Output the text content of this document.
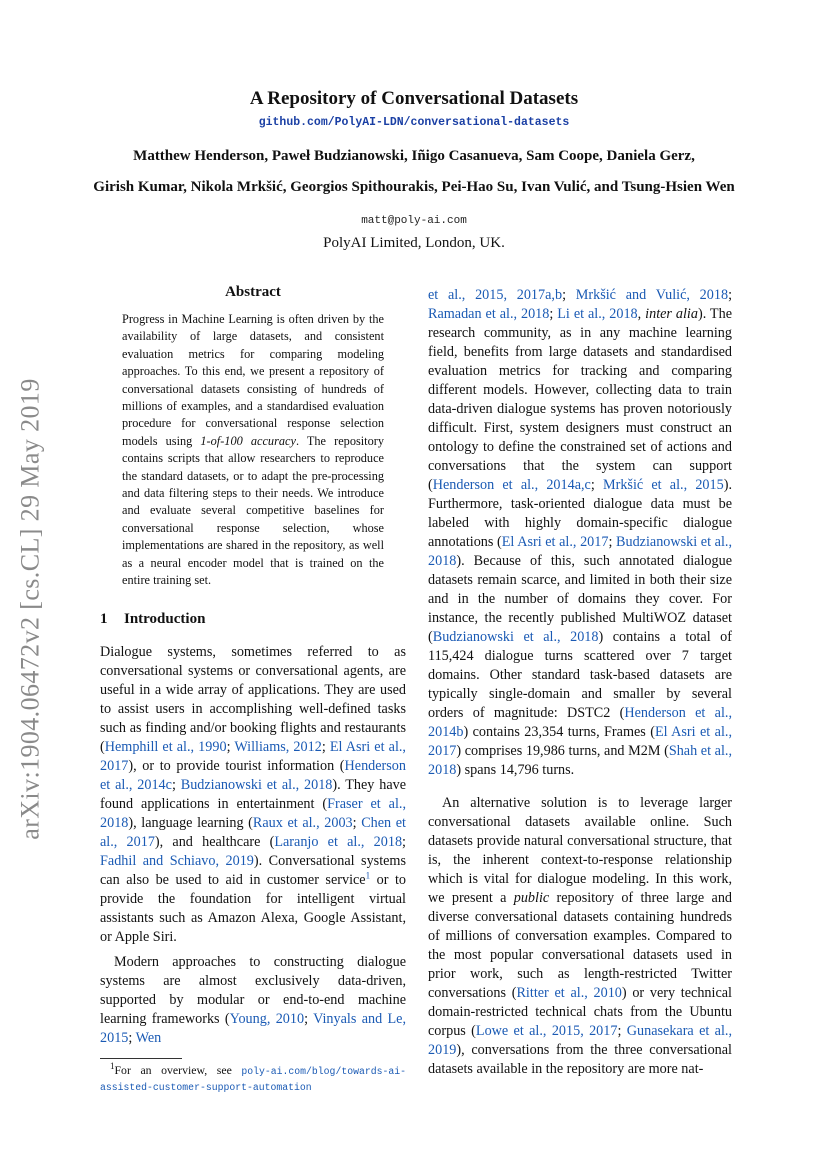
arXiv:1904.06472v2 [cs.CL] 29 May 2019
A Repository of Conversational Datasets
github.com/PolyAI-LDN/conversational-datasets
Matthew Henderson, Paweł Budzianowski, Iñigo Casanueva, Sam Coope, Daniela Gerz,
Girish Kumar, Nikola Mrkšić, Georgios Spithourakis, Pei-Hao Su, Ivan Vulić, and Tsung-Hsien Wen
matt@poly-ai.com
PolyAI Limited, London, UK.
Abstract

Progress in Machine Learning is often driven by the availability of large datasets, and consistent evaluation metrics for comparing modeling approaches. To this end, we present a repository of conversational datasets consisting of hundreds of millions of examples, and a standardised evaluation procedure for conversational response selection models using 1-of-100 accuracy. The repository contains scripts that allow researchers to reproduce the standard datasets, or to adapt the pre-processing and data filtering steps to their needs. We introduce and evaluate several competitive baselines for conversational response selection, whose implementations are shared in the repository, as well as a neural encoder model that is trained on the entire training set.

1 Introduction

Dialogue systems, sometimes referred to as conversational systems or conversational agents, are useful in a wide array of applications. They are used to assist users in accomplishing well-defined tasks such as finding and/or booking flights and restaurants (Hemphill et al., 1990; Williams, 2012; El Asri et al., 2017), or to provide tourist information (Henderson et al., 2014c; Budzianowski et al., 2018). They have found applications in entertainment (Fraser et al., 2018), language learning (Raux et al., 2003; Chen et al., 2017), and healthcare (Laranjo et al., 2018; Fadhil and Schiavo, 2019). Conversational systems can also be used to aid in customer service$^1$ or to provide the foundation for intelligent virtual assistants such as Amazon Alexa, Google Assistant, or Apple Siri.

Modern approaches to constructing dialogue systems are almost exclusively data-driven, supported by modular or end-to-end machine learning frameworks (Young, 2010; Vinyals and Le, 2015; Wen

$^1$For an overview, see poly-ai.com/blog/towards-ai-assisted-customer-support-automation

et al., 2015, 2017a,b; Mrkšić and Vulić, 2018; Ramadan et al., 2018; Li et al., 2018, inter alia). The research community, as in any machine learning field, benefits from large datasets and standardised evaluation metrics for tracking and comparing different models. However, collecting data to train data-driven dialogue systems has proven notoriously difficult. First, system designers must construct an ontology to define the constrained set of actions and conversations that the system can support (Henderson et al., 2014a,c; Mrkšić et al., 2015). Furthermore, task-oriented dialogue data must be labeled with highly domain-specific dialogue annotations (El Asri et al., 2017; Budzianowski et al., 2018). Because of this, such annotated dialogue datasets remain scarce, and limited in both their size and in the number of domains they cover. For instance, the recently published MultiWOZ dataset (Budzianowski et al., 2018) contains a total of 115,424 dialogue turns scattered over 7 target domains. Other standard task-based datasets are typically single-domain and smaller by several orders of magnitude: DSTC2 (Henderson et al., 2014b) contains 23,354 turns, Frames (El Asri et al., 2017) comprises 19,986 turns, and M2M (Shah et al., 2018) spans 14,796 turns.

An alternative solution is to leverage larger conversational datasets available online. Such datasets provide natural conversational structure, that is, the inherent context-to-response relationship which is vital for dialogue modeling. In this work, we present a public repository of three large and diverse conversational datasets containing hundreds of millions of conversation examples. Compared to the most popular conversational datasets used in prior work, such as length-restricted Twitter conversations (Ritter et al., 2010) or very technical domain-restricted technical chats from the Ubuntu corpus (Lowe et al., 2015, 2017; Gunasekara et al., 2019), conversations from the three conversational datasets available in the repository are more nat-
